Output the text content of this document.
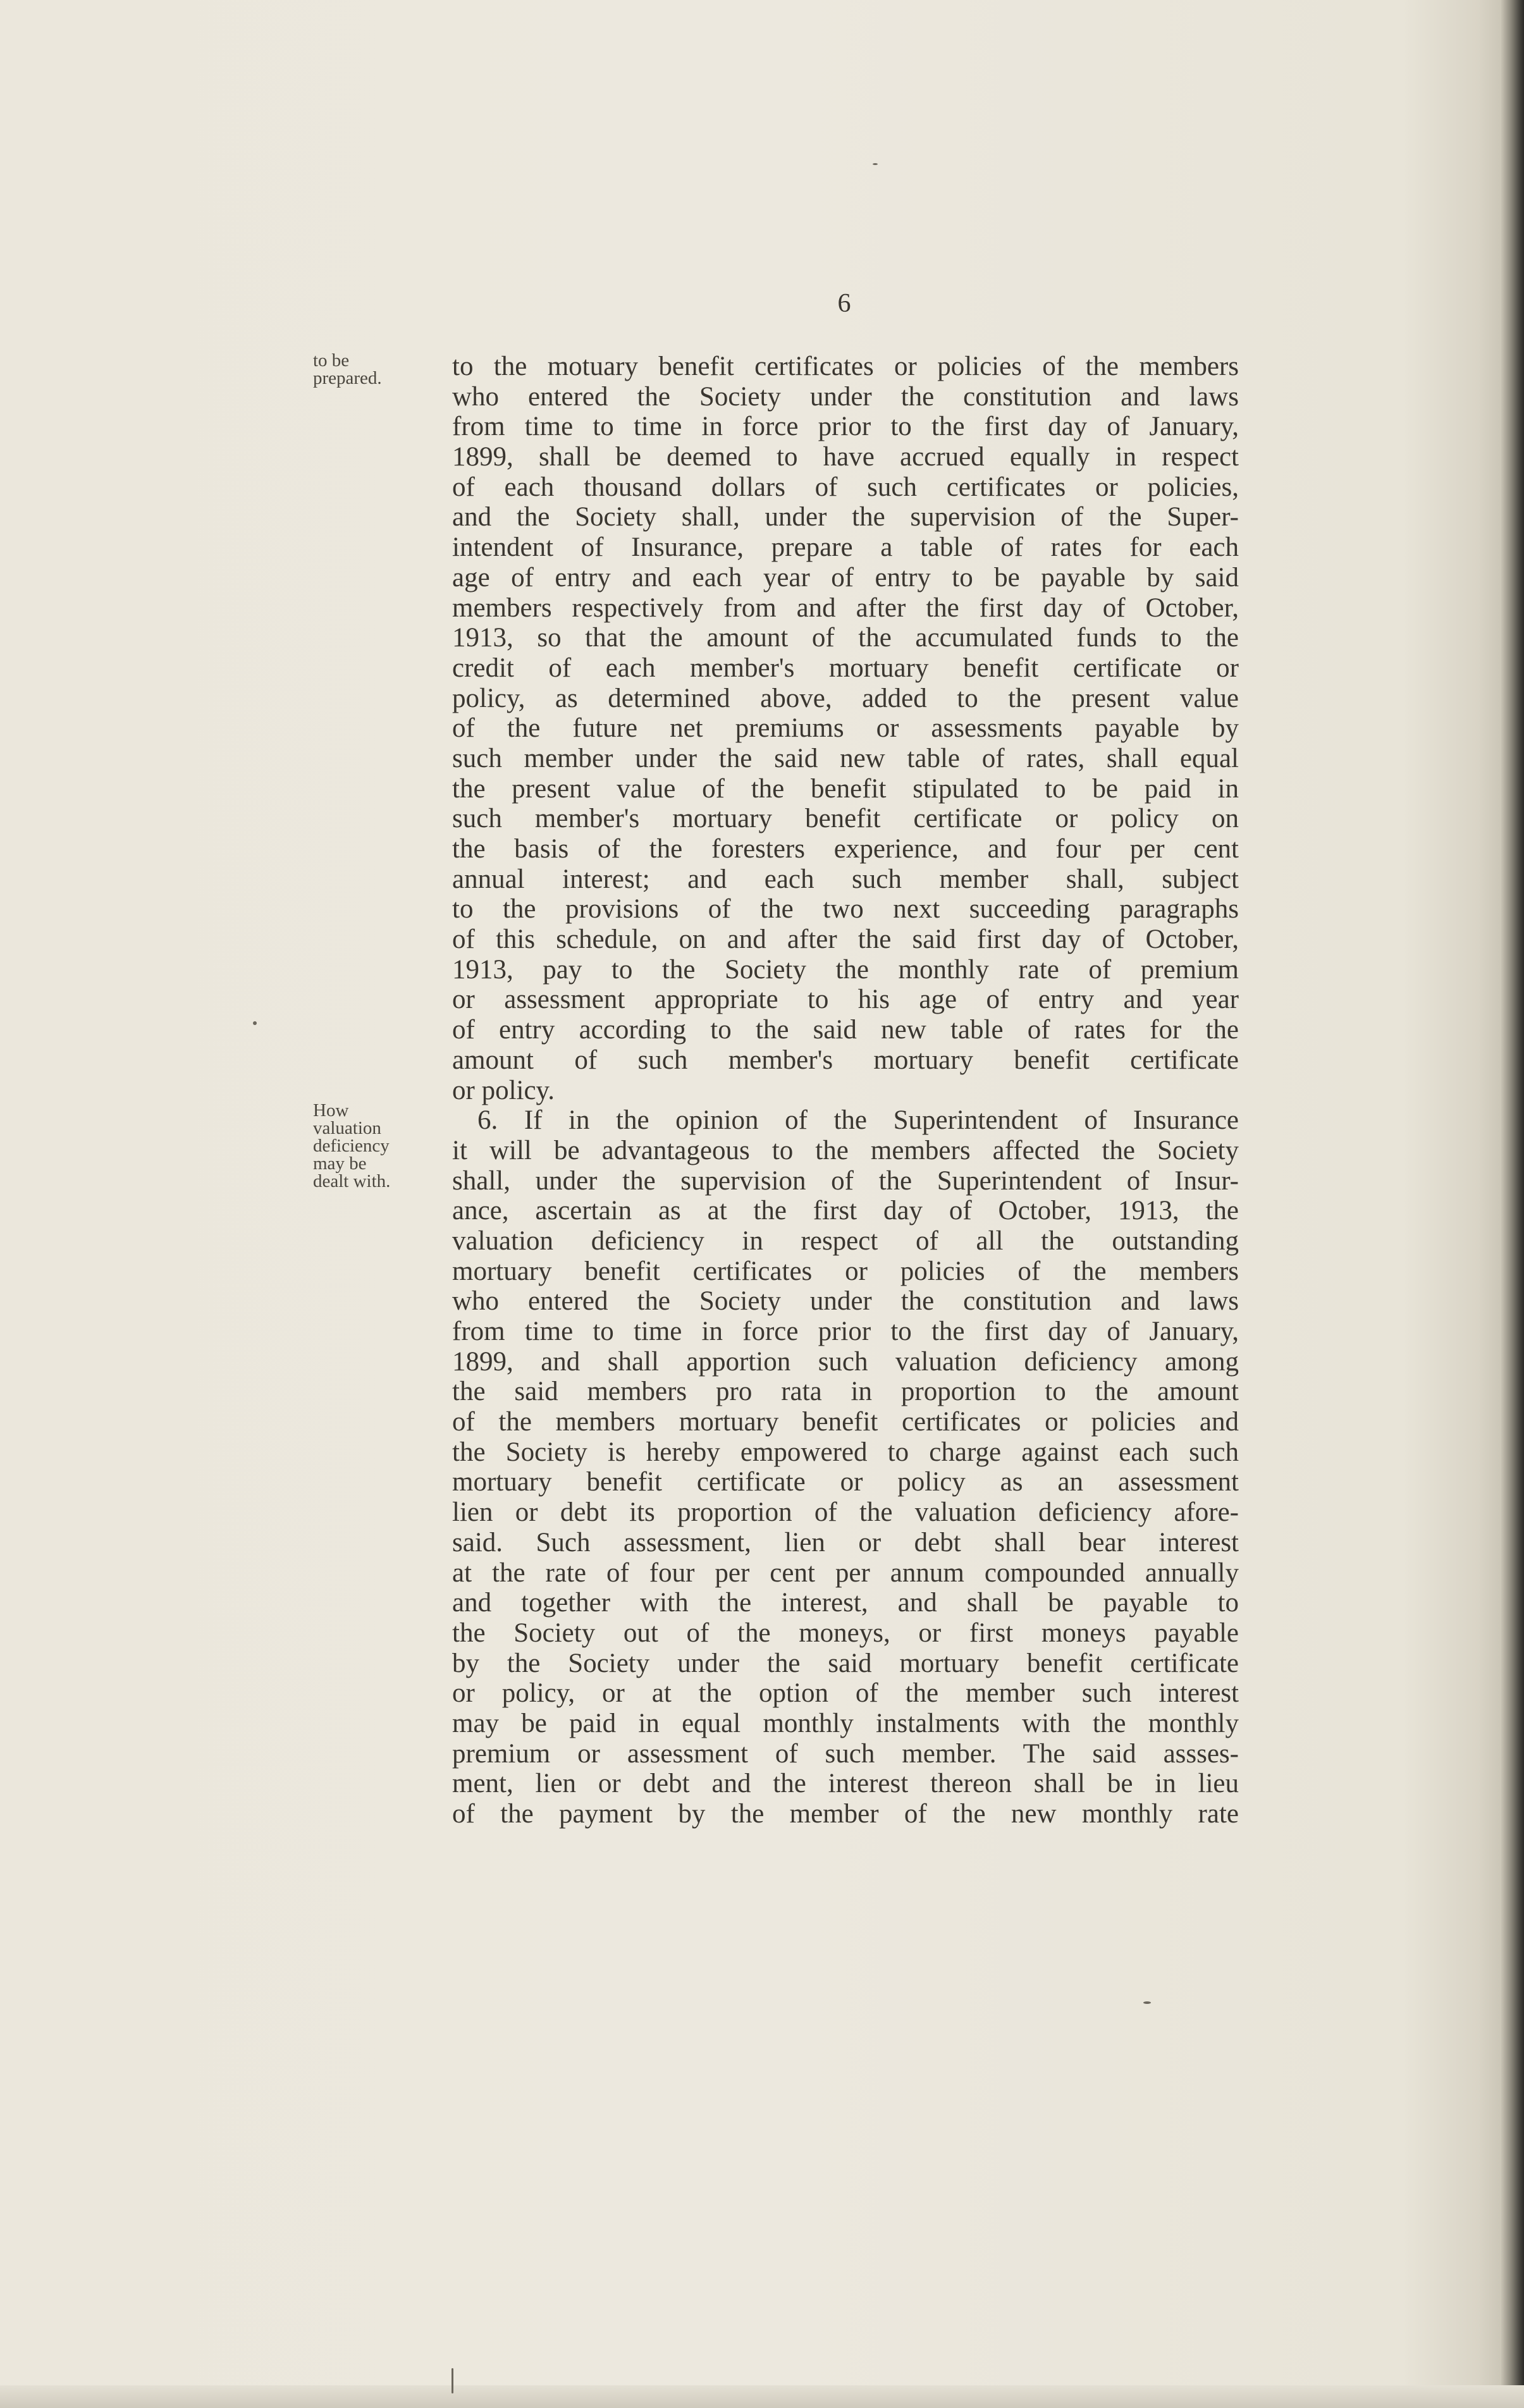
6
to be
prepared.
How
valuation
deficiency
may be
dealt with.
to the motuary benefit certificates or policies of the members
who entered the Society under the constitution and laws
from time to time in force prior to the first day of January,
1899, shall be deemed to have accrued equally in respect
of each thousand dollars of such certificates or policies,
and the Society shall, under the supervision of the Super-
intendent of Insurance, prepare a table of rates for each
age of entry and each year of entry to be payable by said
members respectively from and after the first day of October,
1913, so that the amount of the accumulated funds to the
credit of each member's mortuary benefit certificate or
policy, as determined above, added to the present value
of the future net premiums or assessments payable by
such member under the said new table of rates, shall equal
the present value of the benefit stipulated to be paid in
such member's mortuary benefit certificate or policy on
the basis of the foresters experience, and four per cent
annual interest; and each such member shall, subject
to the provisions of the two next succeeding paragraphs
of this schedule, on and after the said first day of October,
1913, pay to the Society the monthly rate of premium
or assessment appropriate to his age of entry and year
of entry according to the said new table of rates for the
amount of such member's mortuary benefit certificate
or policy.
6. If in the opinion of the Superintendent of Insurance
it will be advantageous to the members affected the Society
shall, under the supervision of the Superintendent of Insur-
ance, ascertain as at the first day of October, 1913, the
valuation deficiency in respect of all the outstanding
mortuary benefit certificates or policies of the members
who entered the Society under the constitution and laws
from time to time in force prior to the first day of January,
1899, and shall apportion such valuation deficiency among
the said members pro rata in proportion to the amount
of the members mortuary benefit certificates or policies and
the Society is hereby empowered to charge against each such
mortuary benefit certificate or policy as an assessment
lien or debt its proportion of the valuation deficiency afore-
said. Such assessment, lien or debt shall bear interest
at the rate of four per cent per annum compounded annually
and together with the interest, and shall be payable to
the Society out of the moneys, or first moneys payable
by the Society under the said mortuary benefit certificate
or policy, or at the option of the member such interest
may be paid in equal monthly instalments with the monthly
premium or assessment of such member. The said assses-
ment, lien or debt and the interest thereon shall be in lieu
of the payment by the member of the new monthly rate
